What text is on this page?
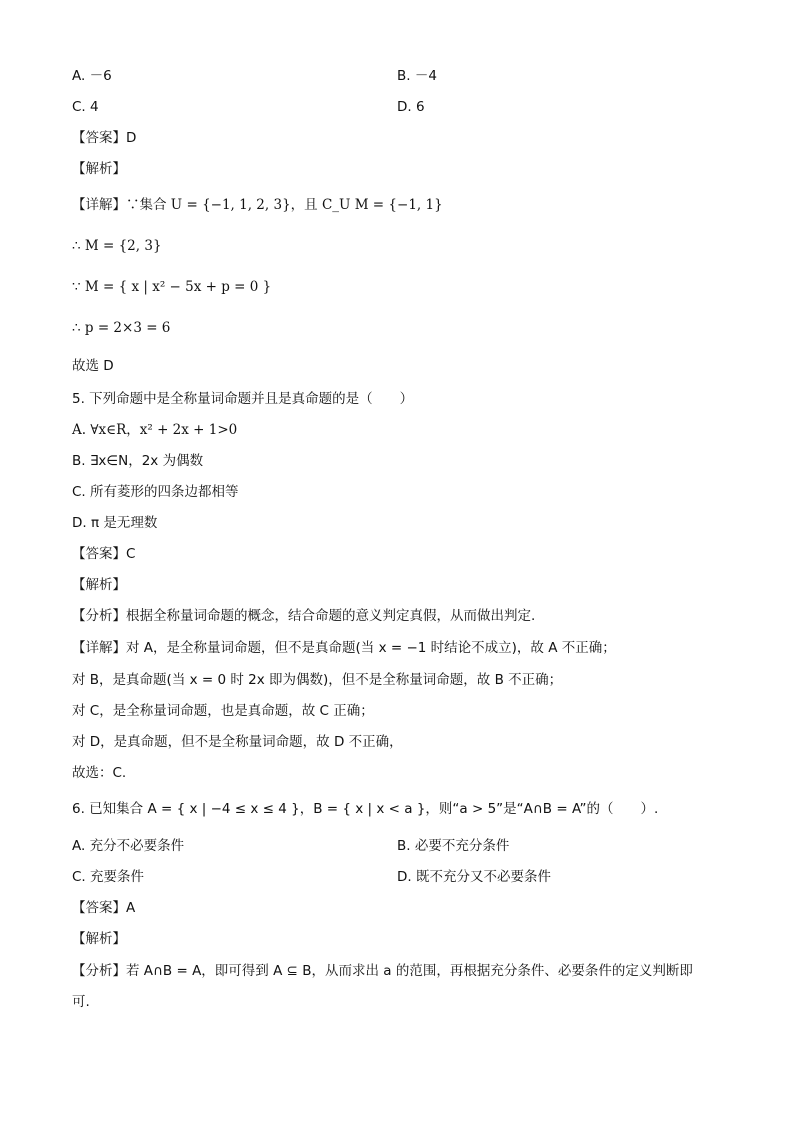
A. －6	B. －4
C. 4	D. 6
【答案】D
【解析】
【详解】∵集合 U = {−1, 1, 2, 3}，且 C_U M = {−1, 1}
∴ M = {2, 3}
∵ M = { x | x² − 5x + p = 0 }
∴ p = 2×3 = 6
故选 D
5. 下列命题中是全称量词命题并且是真命题的是（　　）
A. ∀x∈R，x² + 2x + 1>0
B. ∃x∈N，2x 为偶数
C. 所有菱形的四条边都相等
D. π 是无理数
【答案】C
【解析】
【分析】根据全称量词命题的概念，结合命题的意义判定真假，从而做出判定.
【详解】对 A，是全称量词命题，但不是真命题(当 x = −1 时结论不成立)，故 A 不正确；
对 B，是真命题(当 x = 0 时 2x 即为偶数)，但不是全称量词命题，故 B 不正确；
对 C，是全称量词命题，也是真命题，故 C 正确；
对 D，是真命题，但不是全称量词命题，故 D 不正确，
故选：C.
6. 已知集合 A = { x | −4 ≤ x ≤ 4 }，B = { x | x < a }，则“a > 5”是“A∩B = A”的（　　）.
A. 充分不必要条件	B. 必要不充分条件
C. 充要条件	D. 既不充分又不必要条件
【答案】A
【解析】
【分析】若 A∩B = A，即可得到 A ⊆ B，从而求出 a 的范围，再根据充分条件、必要条件的定义判断即
可.
